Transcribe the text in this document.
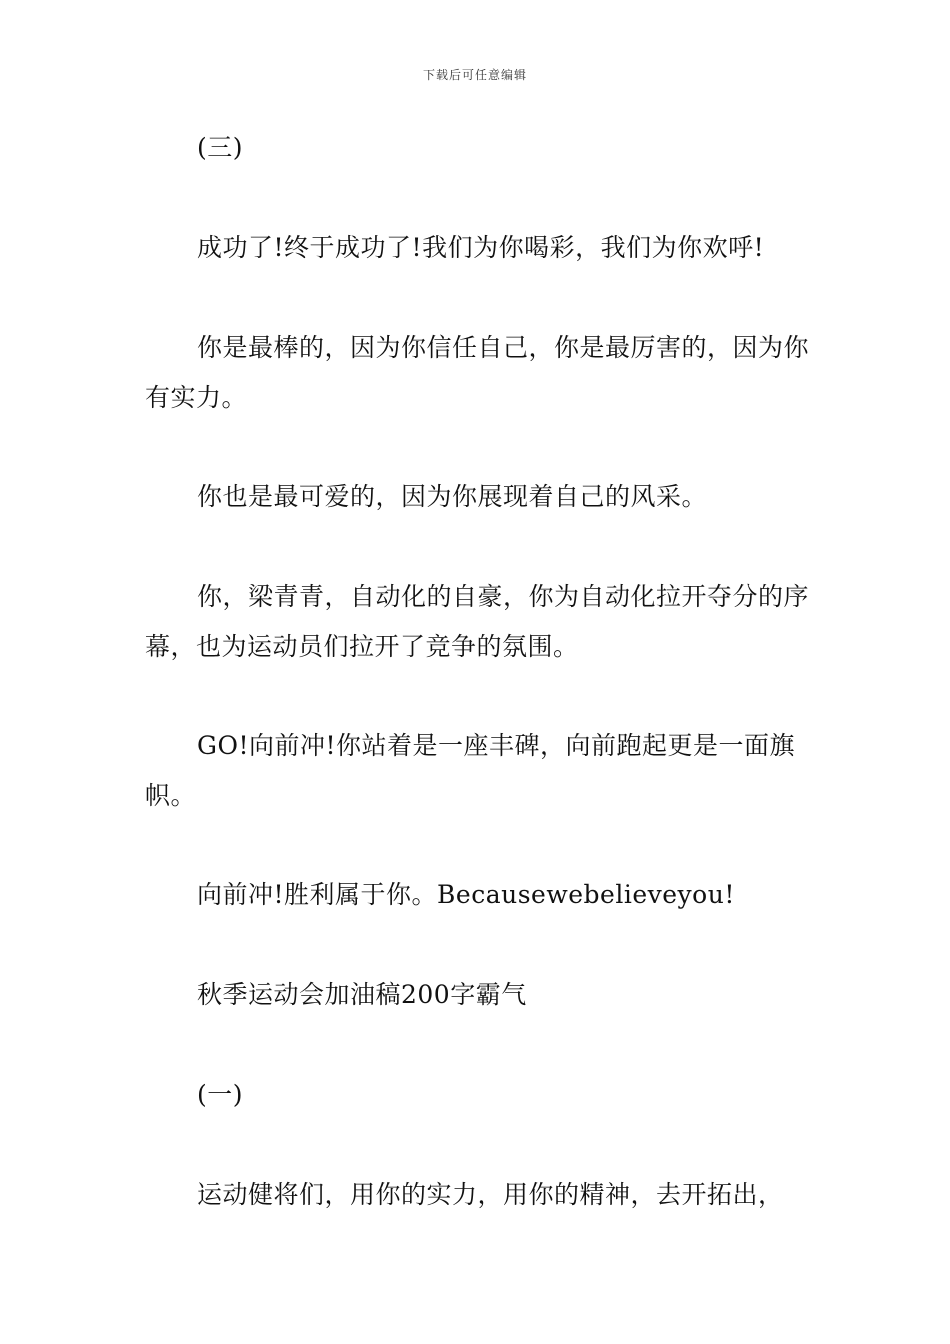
下载后可任意编辑
(三)
成功了!终于成功了!我们为你喝彩，我们为你欢呼!
你是最棒的，因为你信任自己，你是最厉害的，因为你有实力。
你也是最可爱的，因为你展现着自己的风采。
你，梁青青，自动化的自豪，你为自动化拉开夺分的序幕，也为运动员们拉开了竞争的氛围。
GO!向前冲!你站着是一座丰碑，向前跑起更是一面旗帜。
向前冲!胜利属于你。Becausewebelieveyou!
秋季运动会加油稿200字霸气
(一)
运动健将们，用你的实力，用你的精神，去开拓出，
